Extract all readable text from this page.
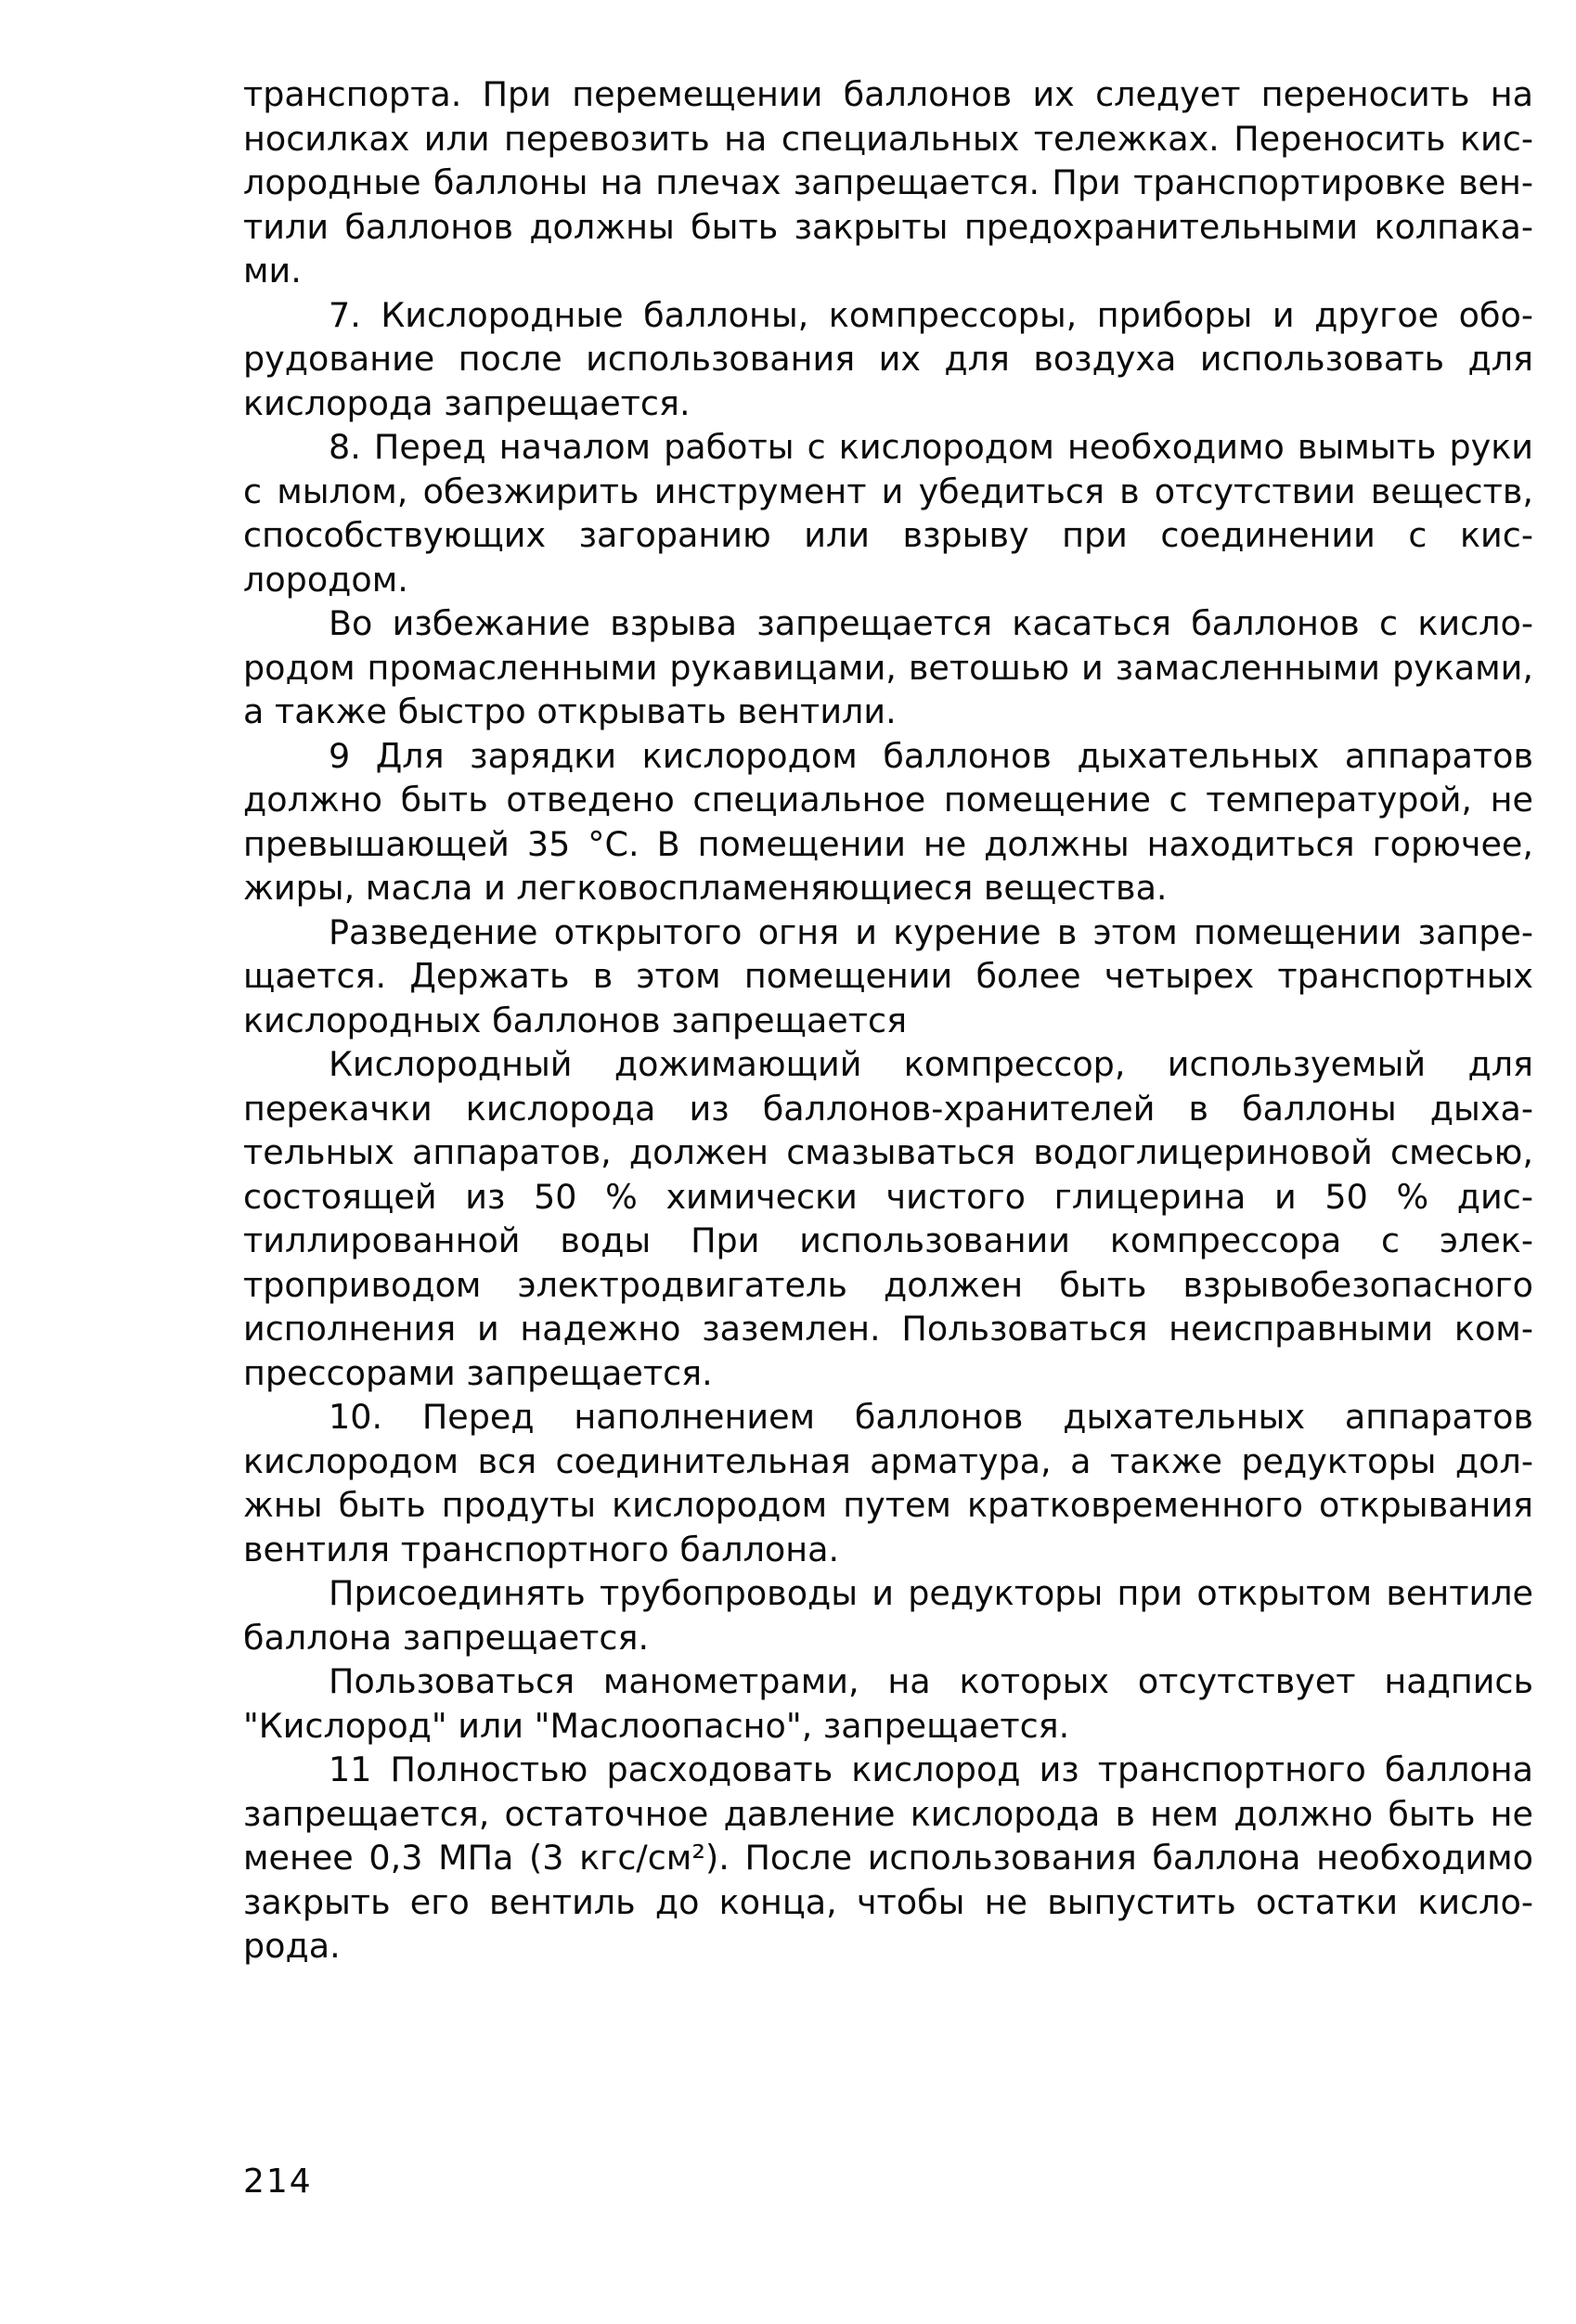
транспорта. При перемещении баллонов их следует переносить на
носилках или перевозить на специальных тележках. Переносить кис-
лородные баллоны на плечах запрещается. При транспортировке вен-
тили баллонов должны быть закрыты предохранительными колпака-
ми.
7. Кислородные баллоны, компрессоры, приборы и другое обо-
рудование после использования их для воздуха использовать для
кислорода запрещается.
8. Перед началом работы с кислородом необходимо вымыть руки
с мылом, обезжирить инструмент и убедиться в отсутствии веществ,
способствующих загоранию или взрыву при соединении с кис-
лородом.
Во избежание взрыва запрещается касаться баллонов с кисло-
родом промасленными рукавицами, ветошью и замасленными руками,
а также быстро открывать вентили.
9 Для зарядки кислородом баллонов дыхательных аппаратов
должно быть отведено специальное помещение с температурой, не
превышающей 35 °С. В помещении не должны находиться горючее,
жиры, масла и легковоспламеняющиеся вещества.
Разведение открытого огня и курение в этом помещении запре-
щается. Держать в этом помещении более четырех транспортных
кислородных баллонов запрещается
Кислородный дожимающий компрессор, используемый для
перекачки кислорода из баллонов-хранителей в баллоны дыха-
тельных аппаратов, должен смазываться водоглицериновой смесью,
состоящей из 50 % химически чистого глицерина и 50 % дис-
тиллированной воды При использовании компрессора с элек-
троприводом электродвигатель должен быть взрывобезопасного
исполнения и надежно заземлен. Пользоваться неисправными ком-
прессорами запрещается.
10. Перед наполнением баллонов дыхательных аппаратов
кислородом вся соединительная арматура, а также редукторы дол-
жны быть продуты кислородом путем кратковременного открывания
вентиля транспортного баллона.
Присоединять трубопроводы и редукторы при открытом вентиле
баллона запрещается.
Пользоваться манометрами, на которых отсутствует надпись
"Кислород" или "Маслоопасно", запрещается.
11 Полностью расходовать кислород из транспортного баллона
запрещается, остаточное давление кислорода в нем должно быть не
менее 0,3 МПа (3 кгс/см²). После использования баллона необходимо
закрыть его вентиль до конца, чтобы не выпустить остатки кисло-
рода.
214
